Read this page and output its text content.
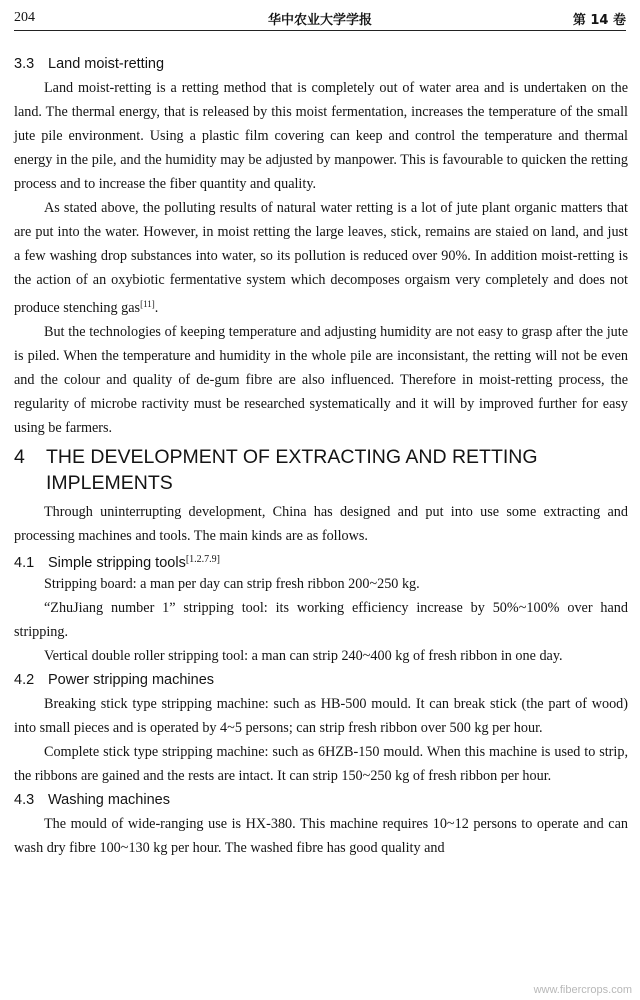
204	华中农业大学学报	第 14 卷
3.3 Land moist-retting

Land moist-retting is a retting method that is completely out of water area and is undertaken on the land. The thermal energy, that is released by this moist fermentation, increases the temperature of the small jute pile environment. Using a plastic film covering can keep and control the temperature and thermal energy in the pile, and the humidity may be adjusted by manpower. This is favourable to quicken the retting process and to increase the fiber quantity and quality.

As stated above, the polluting results of natural water retting is a lot of jute plant organic matters that are put into the water. However, in moist retting the large leaves, stick, remains are staied on land, and just a few washing drop substances into water, so its pollution is reduced over 90%. In addition moist-retting is the action of an oxybiotic fermentative system which decomposes orgaism very completely and does not produce stenching gas[11].

But the technologies of keeping temperature and adjusting humidity are not easy to grasp after the jute is piled. When the temperature and humidity in the whole pile are inconsistant, the retting will not be even and the colour and quality of de-gum fibre are also influenced. Therefore in moist-retting process, the regularity of microbe ractivity must be researched systematically and it will by improved further for easy using be farmers.

4	THE DEVELOPMENT OF EXTRACTING AND RETTING IMPLEMENTS

Through uninterrupting development, China has designed and put into use some extracting and processing machines and tools. The main kinds are as follows.

4.1 Simple stripping tools[1.2.7.9]

Stripping board: a man per day can strip fresh ribbon 200~250 kg.

“ZhuJiang number 1” stripping tool: its working efficiency increase by 50%~100% over hand stripping.

Vertical double roller stripping tool: a man can strip 240~400 kg of fresh ribbon in one day.

4.2 Power stripping machines

Breaking stick type stripping machine: such as HB-500 mould. It can break stick (the part of wood) into small pieces and is operated by 4~5 persons; can strip fresh ribbon over 500 kg per hour.

Complete stick type stripping machine: such as 6HZB-150 mould. When this machine is used to strip, the ribbons are gained and the rests are intact. It can strip 150~250 kg of fresh ribbon per hour.

4.3 Washing machines

The mould of wide-ranging use is HX-380. This machine requires 10~12 persons to operate and can wash dry fibre 100~130 kg per hour. The washed fibre has good quality and

www.fibercrops.com
